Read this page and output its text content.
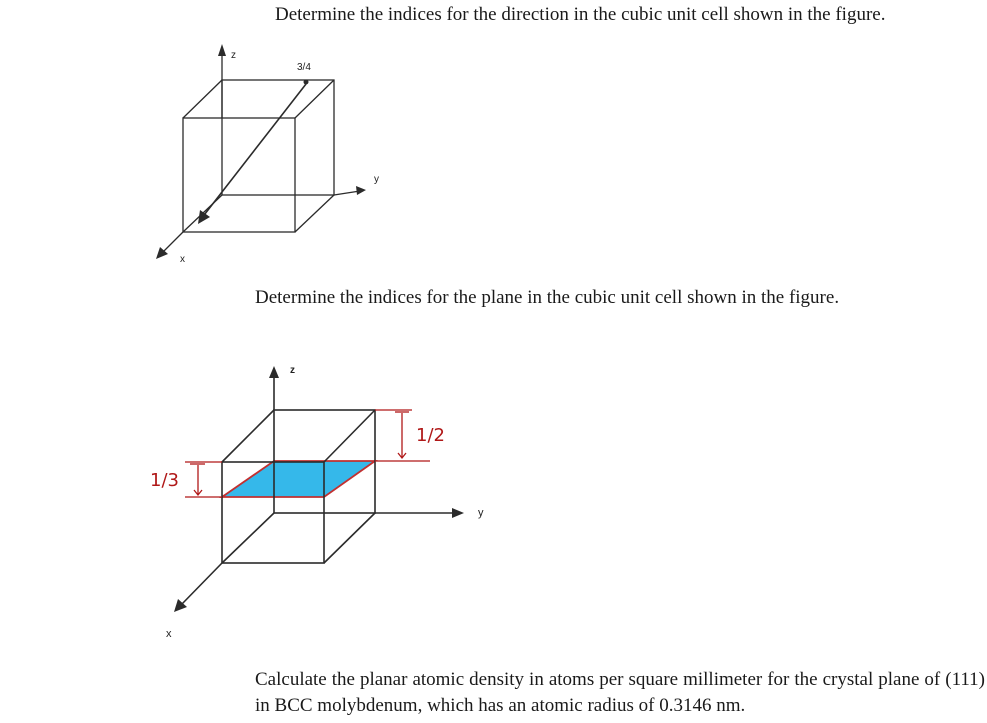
Determine the indices for the direction in the cubic unit cell shown in the figure.
Determine the indices for the plane in the cubic unit cell shown in the figure.
Calculate the planar atomic density in atoms per square millimeter for the crystal plane of (111) in BCC molybdenum, which has an atomic radius of 0.3146 nm.
z
3/4
y
x
z
y
x
1/3
1/2
